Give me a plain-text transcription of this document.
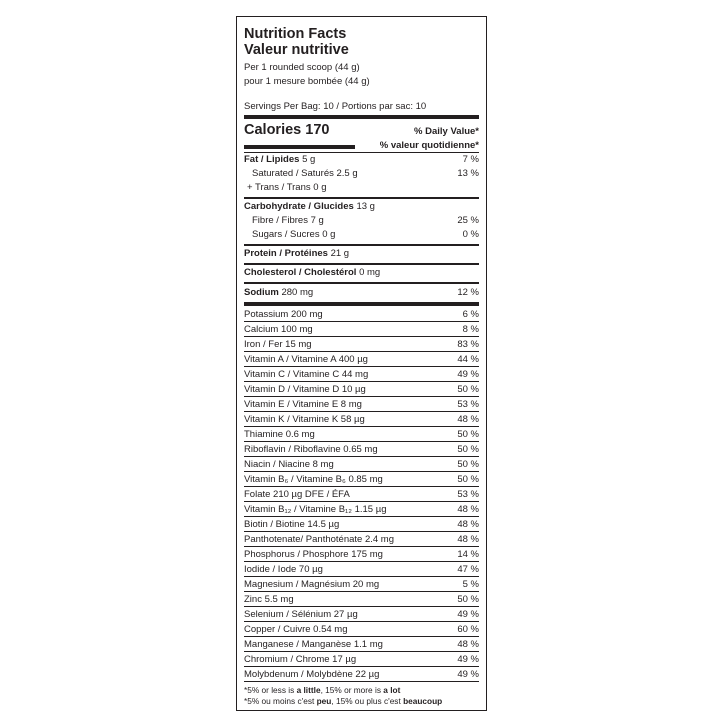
Nutrition Facts
Valeur nutritive
Per 1 rounded scoop (44 g)
pour 1 mesure bombée (44 g)
Servings Per Bag: 10 / Portions par sac: 10
Calories 170	% Daily Value*
% valeur quotidienne*
Fat / Lipides 5 g	7 %
Saturated / Saturés 2.5 g	13 %
+ Trans / Trans 0 g
Carbohydrate / Glucides 13 g
Fibre / Fibres 7 g	25 %
Sugars / Sucres 0 g	0 %
Protein / Protéines 21 g
Cholesterol / Cholestérol 0 mg
Sodium 280 mg	12 %
Potassium 200 mg	6 %
Calcium 100 mg	8 %
Iron / Fer 15 mg	83 %
Vitamin A / Vitamine A 400 µg	44 %
Vitamin C / Vitamine C 44 mg	49 %
Vitamin D / Vitamine D 10 µg	50 %
Vitamin E / Vitamine E 8 mg	53 %
Vitamin K / Vitamine K 58 µg	48 %
Thiamine 0.6 mg	50 %
Riboflavin / Riboflavine 0.65 mg	50 %
Niacin / Niacine 8 mg	50 %
Vitamin B₆ / Vitamine B₆ 0.85 mg	50 %
Folate 210 µg DFE / ÉFA	53 %
Vitamin B₁₂ / Vitamine B₁₂ 1.15 µg	48 %
Biotin / Biotine 14.5 µg	48 %
Panthotenate/ Panthoténate 2.4 mg	48 %
Phosphorus / Phosphore 175 mg	14 %
Iodide / Iode 70 µg	47 %
Magnesium / Magnésium 20 mg	5 %
Zinc 5.5 mg	50 %
Selenium / Sélénium 27 µg	49 %
Copper / Cuivre 0.54 mg	60 %
Manganese / Manganèse 1.1 mg	48 %
Chromium / Chrome 17 µg	49 %
Molybdenum / Molybdène 22 µg	49 %
*5% or less is a little, 15% or more is a lot
*5% ou moins c'est peu, 15% ou plus c'est beaucoup
